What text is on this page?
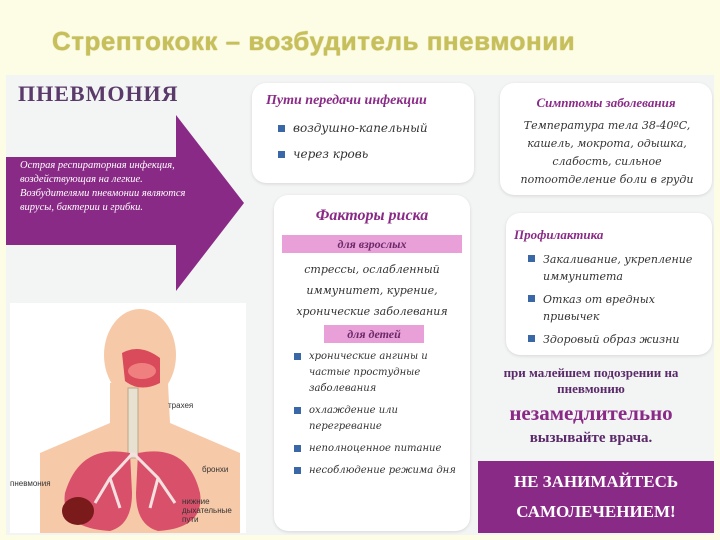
Стрептококк – возбудитель пневмонии
ПНЕВМОНИЯ
Острая респираторная инфекция, воздействующая на легкие. Возбудителями пневмонии являются вирусы, бактерии и грибки.
Пути передачи инфекции
воздушно-капельный
через кровь
Симптомы заболевания
Температура тела 38-40ºC, кашель, мокрота, одышка, слабость, сильное потоотделение боли в груди
Факторы риска
для взрослых
стрессы, ослабленный иммунитет, курение, хронические заболевания
для детей
хронические ангины и частые простудные заболевания
охлаждение или перегревание
неполноценное питание
несоблюдение режима дня
Профилактика
Закаливание, укрепление иммунитета
Отказ от вредных привычек
Здоровый образ жизни
при малейшем подозрении на пневмонию
незамедлительно
вызывайте врача.
НЕ ЗАНИМАЙТЕСЬ
САМОЛЕЧЕНИЕМ!
трахея
бронхи
пневмония
нижние дыхательные пути
